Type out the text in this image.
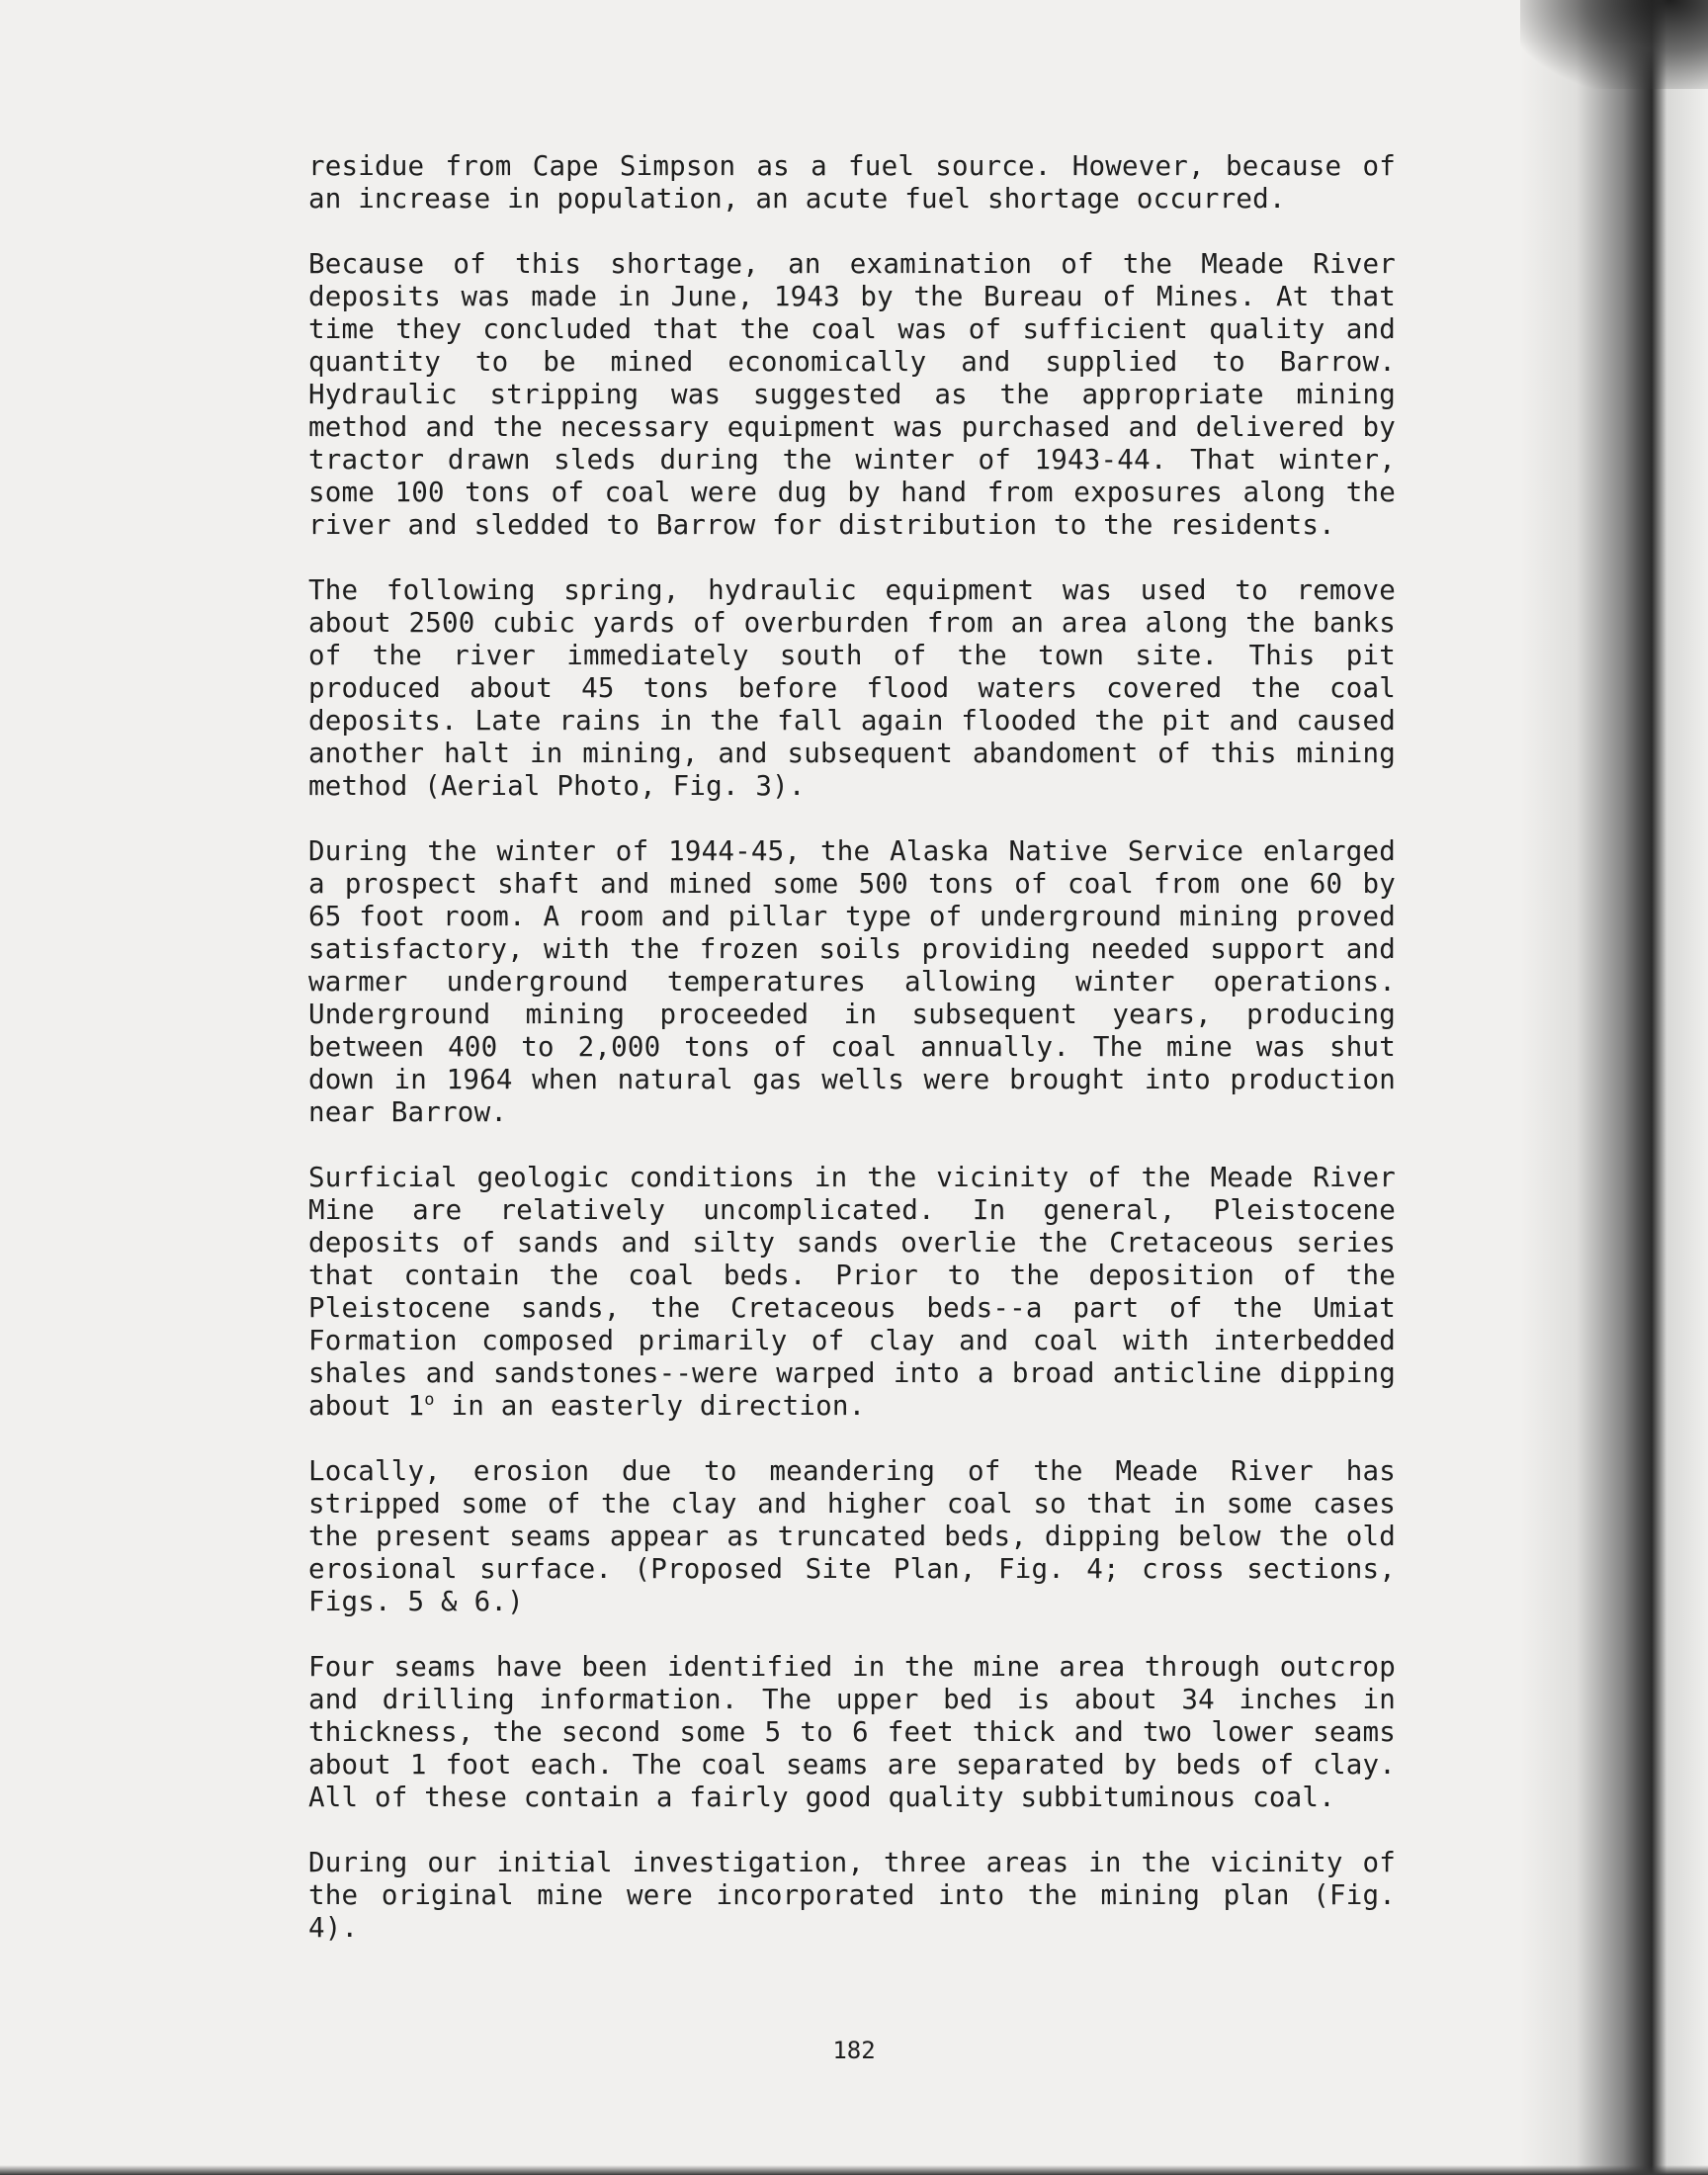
residue from Cape Simpson as a fuel source. However, because of an increase in population, an acute fuel shortage occurred.

Because of this shortage, an examination of the Meade River deposits was made in June, 1943 by the Bureau of Mines. At that time they concluded that the coal was of sufficient quality and quantity to be mined economically and supplied to Barrow. Hydraulic stripping was suggested as the appropriate mining method and the necessary equipment was purchased and delivered by tractor drawn sleds during the winter of 1943-44. That winter, some 100 tons of coal were dug by hand from exposures along the river and sledded to Barrow for distribution to the residents.

The following spring, hydraulic equipment was used to remove about 2500 cubic yards of overburden from an area along the banks of the river immediately south of the town site. This pit produced about 45 tons before flood waters covered the coal deposits. Late rains in the fall again flooded the pit and caused another halt in mining, and subsequent abandoment of this mining method (Aerial Photo, Fig. 3).

During the winter of 1944-45, the Alaska Native Service enlarged a prospect shaft and mined some 500 tons of coal from one 60 by 65 foot room. A room and pillar type of underground mining proved satisfactory, with the frozen soils providing needed support and warmer underground temperatures allowing winter operations. Underground mining proceeded in subsequent years, producing between 400 to 2,000 tons of coal annually. The mine was shut down in 1964 when natural gas wells were brought into production near Barrow.

Surficial geologic conditions in the vicinity of the Meade River Mine are relatively uncomplicated. In general, Pleistocene deposits of sands and silty sands overlie the Cretaceous series that contain the coal beds. Prior to the deposition of the Pleistocene sands, the Cretaceous beds--a part of the Umiat Formation composed primarily of clay and coal with interbedded shales and sandstones--were warped into a broad anticline dipping about 1$^o$ in an easterly direction.

Locally, erosion due to meandering of the Meade River has stripped some of the clay and higher coal so that in some cases the present seams appear as truncated beds, dipping below the old erosional surface. (Proposed Site Plan, Fig. 4; cross sections, Figs. 5 & 6.)

Four seams have been identified in the mine area through outcrop and drilling information. The upper bed is about 34 inches in thickness, the second some 5 to 6 feet thick and two lower seams about 1 foot each. The coal seams are separated by beds of clay. All of these contain a fairly good quality subbituminous coal.

During our initial investigation, three areas in the vicinity of the original mine were incorporated into the mining plan (Fig. 4).

182
